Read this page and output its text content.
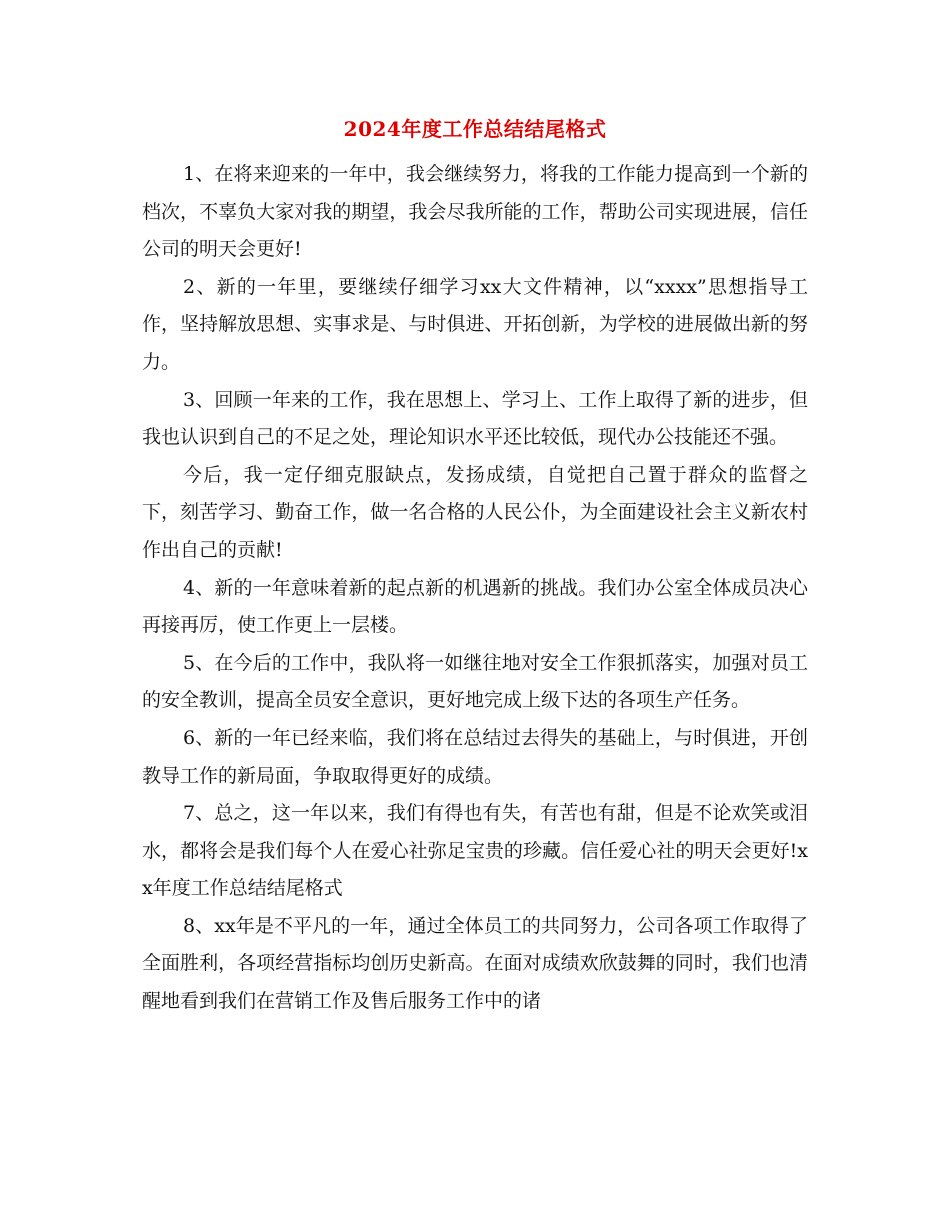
2024年度工作总结结尾格式

1、在将来迎来的一年中，我会继续努力，将我的工作能力提高到一个新的档次，不辜负大家对我的期望，我会尽我所能的工作，帮助公司实现进展，信任公司的明天会更好!

2、新的一年里，要继续仔细学习xx大文件精神，以“xxxx”思想指导工作，坚持解放思想、实事求是、与时俱进、开拓创新，为学校的进展做出新的努力。

3、回顾一年来的工作，我在思想上、学习上、工作上取得了新的进步，但我也认识到自己的不足之处，理论知识水平还比较低，现代办公技能还不强。

今后，我一定仔细克服缺点，发扬成绩，自觉把自己置于群众的监督之下，刻苦学习、勤奋工作，做一名合格的人民公仆，为全面建设社会主义新农村作出自己的贡献!

4、新的一年意味着新的起点新的机遇新的挑战。我们办公室全体成员决心再接再厉，使工作更上一层楼。

5、在今后的工作中，我队将一如继往地对安全工作狠抓落实，加强对员工的安全教训，提高全员安全意识，更好地完成上级下达的各项生产任务。

6、新的一年已经来临，我们将在总结过去得失的基础上，与时俱进，开创教导工作的新局面，争取取得更好的成绩。

7、总之，这一年以来，我们有得也有失，有苦也有甜，但是不论欢笑或泪水，都将会是我们每个人在爱心社弥足宝贵的珍藏。信任爱心社的明天会更好!xx年度工作总结结尾格式

8、xx年是不平凡的一年，通过全体员工的共同努力，公司各项工作取得了全面胜利，各项经营指标均创历史新高。在面对成绩欢欣鼓舞的同时，我们也清醒地看到我们在营销工作及售后服务工作中的诸
